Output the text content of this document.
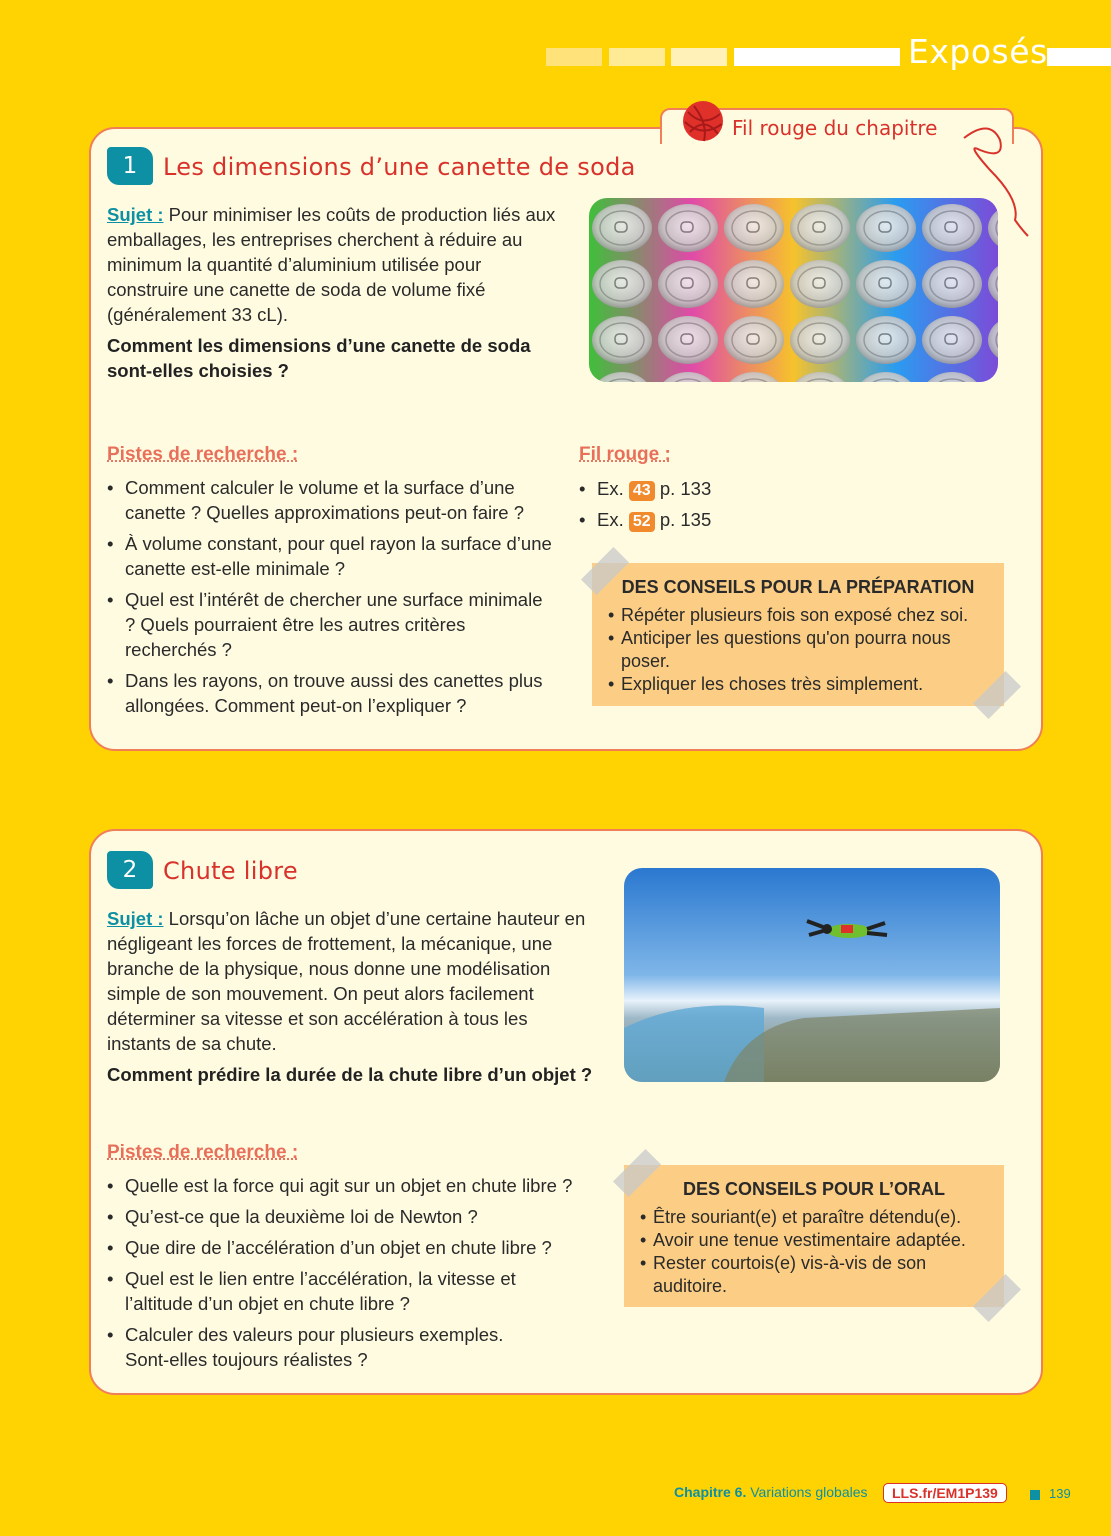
Exposés
Fil rouge du chapitre
1	Les dimensions d’une canette de soda
Sujet : Pour minimiser les coûts de production liés aux emballages, les entreprises cherchent à réduire au minimum la quantité d’aluminium utilisée pour construire une canette de soda de volume fixé (généralement 33 cL).
Comment les dimensions d’une canette de soda sont-elles choisies ?
Pistes de recherche :
• Comment calculer le volume et la surface d’une canette ? Quelles approximations peut-on faire ?
• À volume constant, pour quel rayon la surface d’une canette est-elle minimale ?
• Quel est l’intérêt de chercher une surface minimale ? Quels pourraient être les autres critères recherchés ?
• Dans les rayons, on trouve aussi des canettes plus allongées. Comment peut-on l’expliquer ?
Fil rouge :
• Ex. 43 p. 133
• Ex. 52 p. 135
DES CONSEILS POUR LA PRÉPARATION
• Répéter plusieurs fois son exposé chez soi.
• Anticiper les questions qu'on pourra nous poser.
• Expliquer les choses très simplement.
2	Chute libre
Sujet : Lorsqu’on lâche un objet d’une certaine hauteur en négligeant les forces de frottement, la mécanique, une branche de la physique, nous donne une modélisation simple de son mouvement. On peut alors facilement déterminer sa vitesse et son accélération à tous les instants de sa chute.
Comment prédire la durée de la chute libre d’un objet ?
Pistes de recherche :
• Quelle est la force qui agit sur un objet en chute libre ?
• Qu’est-ce que la deuxième loi de Newton ?
• Que dire de l’accélération d’un objet en chute libre ?
• Quel est le lien entre l’accélération, la vitesse et l’altitude d’un objet en chute libre ?
• Calculer des valeurs pour plusieurs exemples. Sont-elles toujours réalistes ?
DES CONSEILS POUR L’ORAL
• Être souriant(e) et paraître détendu(e).
• Avoir une tenue vestimentaire adaptée.
• Rester courtois(e) vis-à-vis de son auditoire.
Chapitre 6. Variations globales	LLS.fr/EM1P139	139
